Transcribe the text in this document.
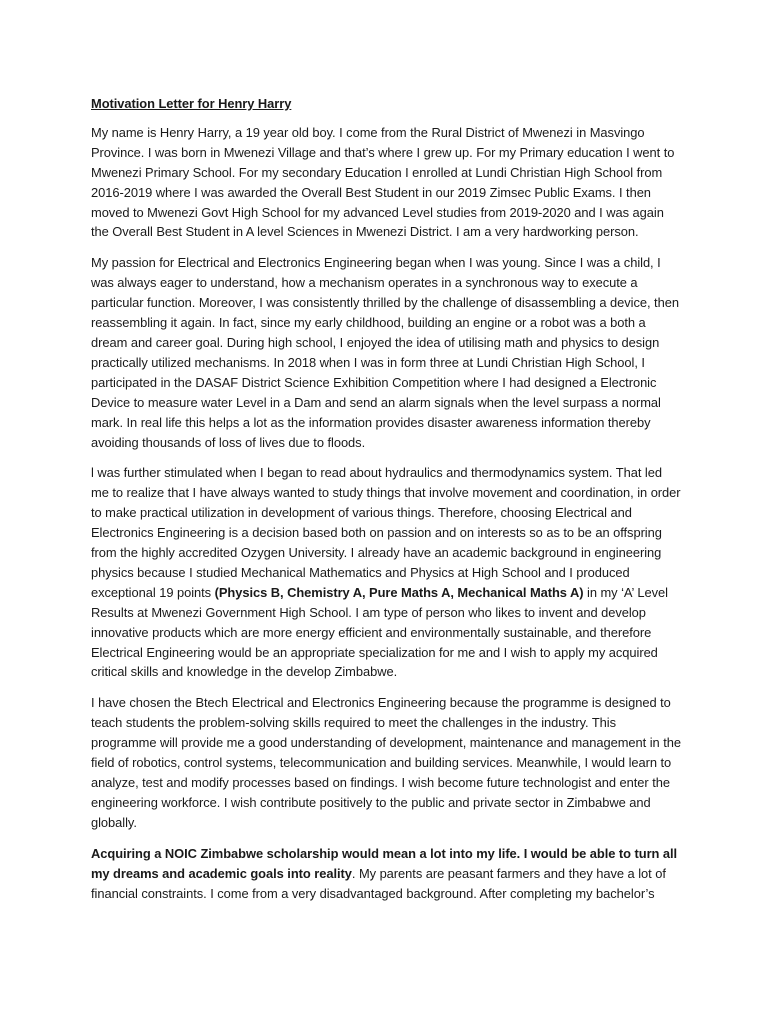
Motivation Letter for Henry Harry

My name is Henry Harry, a 19 year old boy. I come from the Rural District of Mwenezi in Masvingo Province. I was born in Mwenezi Village and that’s where I grew up. For my Primary education I went to Mwenezi Primary School. For my secondary Education I enrolled at Lundi Christian High School from 2016-2019 where I was awarded the Overall Best Student in our 2019 Zimsec Public Exams. I then moved to Mwenezi Govt High School for my advanced Level studies from 2019-2020 and I was again the Overall Best Student in A level Sciences in Mwenezi District. I am a very hardworking person.

My passion for Electrical and Electronics Engineering began when I was young. Since I was a child, I was always eager to understand, how a mechanism operates in a synchronous way to execute a particular function. Moreover, I was consistently thrilled by the challenge of disassembling a device, then reassembling it again. In fact, since my early childhood, building an engine or a robot was a both a dream and career goal. During high school, I enjoyed the idea of utilising math and physics to design practically utilized mechanisms. In 2018 when I was in form three at Lundi Christian High School, I participated in the DASAF District Science Exhibition Competition where I had designed a Electronic Device to measure water Level in a Dam and send an alarm signals when the level surpass a normal mark. In real life this helps a lot as the information provides disaster awareness information thereby avoiding thousands of loss of lives due to floods.

l was further stimulated when I began to read about hydraulics and thermodynamics system. That led me to realize that I have always wanted to study things that involve movement and coordination, in order to make practical utilization in development of various things. Therefore, choosing Electrical and Electronics Engineering is a decision based both on passion and on interests so as to be an offspring from the highly accredited Ozygen University. I already have an academic background in engineering physics because I studied Mechanical Mathematics and Physics at High School and I produced exceptional 19 points (Physics B, Chemistry A, Pure Maths A, Mechanical Maths A) in my ‘A’ Level Results at Mwenezi Government High School. I am type of person who likes to invent and develop innovative products which are more energy efficient and environmentally sustainable, and therefore Electrical Engineering would be an appropriate specialization for me and I wish to apply my acquired critical skills and knowledge in the develop Zimbabwe.

I have chosen the Btech Electrical and Electronics Engineering because the programme is designed to teach students the problem-solving skills required to meet the challenges in the industry. This programme will provide me a good understanding of development, maintenance and management in the field of robotics, control systems, telecommunication and building services. Meanwhile, I would learn to analyze, test and modify processes based on findings. I wish become future technologist and enter the engineering workforce. I wish contribute positively to the public and private sector in Zimbabwe and globally.

Acquiring a NOIC Zimbabwe scholarship would mean a lot into my life. I would be able to turn all my dreams and academic goals into reality. My parents are peasant farmers and they have a lot of financial constraints. I come from a very disadvantaged background. After completing my bachelor’s
